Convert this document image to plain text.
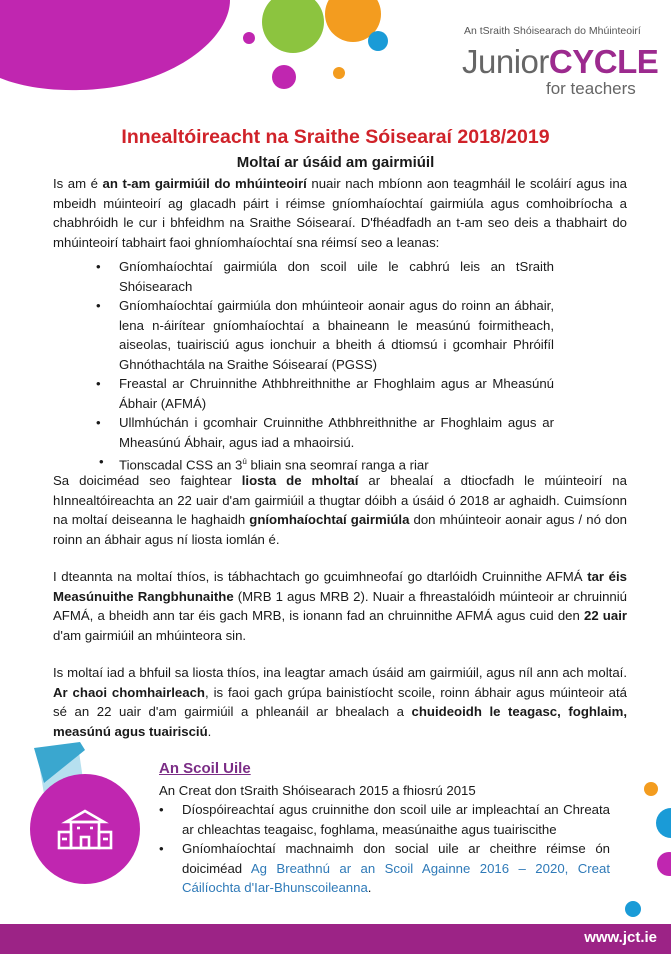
An tSraith Shóisearach do Mhúinteoirí
JuniorCYCLE
for teachers
Innealtóireacht na Sraithe Sóisearaí 2018/2019
Moltaí ar úsáid am gairmiúil

Is am é an t-am gairmiúil do mhúinteoirí nuair nach mbíonn aon teagmháil le scoláirí agus ina mbeidh múinteoirí ag glacadh páirt i réimse gníomhaíochtaí gairmiúla agus comhoibríocha a chabhróidh le cur i bhfeidhm na Sraithe Sóisearaí. D'fhéadfadh an t-am seo deis a thabhairt do mhúinteoirí tabhairt faoi ghníomhaíochtaí sna réimsí seo a leanas:

• Gníomhaíochtaí gairmiúla don scoil uile le cabhrú leis an tSraith Shóisearach
• Gníomhaíochtaí gairmiúla don mhúinteoir aonair agus do roinn an ábhair, lena n-áirítear gníomhaíochtaí a bhaineann le measúnú foirmitheach, aiseolas, tuairisciú agus ionchuir a bheith á dtiomsú i gcomhair Phróifíl Ghnóthachtála na Sraithe Sóisearaí (PGSS)
• Freastal ar Chruinnithe Athbhreithnithe ar Fhoghlaim agus ar Mheasúnú Ábhair (AFMÁ)
• Ullmhúchán i gcomhair Cruinnithe Athbhreithnithe ar Fhoghlaim agus ar Mheasúnú Ábhair, agus iad a mhaoirsiú.
• Tionscadal CSS an $3^ú$ bliain sna seomraí ranga a riar

Sa doiciméad seo faightear liosta de mholtaí ar bhealaí a dtiocfadh le múinteoirí na hInnealtóireachta an 22 uair d'am gairmiúil a thugtar dóibh a úsáid ó 2018 ar aghaidh. Cuimsíonn na moltaí deiseanna le haghaidh gníomhaíochtaí gairmiúla don mhúinteoir aonair agus / nó don roinn an ábhair agus ní liosta iomlán é.

I dteannta na moltaí thíos, is tábhachtach go gcuimhneofaí go dtarlóidh Cruinnithe AFMÁ tar éis Measúnuithe Rangbhunaithe (MRB 1 agus MRB 2). Nuair a fhreastalóidh múinteoir ar chruinniú AFMÁ, a bheidh ann tar éis gach MRB, is ionann fad an chruinnithe AFMÁ agus cuid den 22 uair d'am gairmiúil an mhúinteora sin.

Is moltaí iad a bhfuil sa liosta thíos, ina leagtar amach úsáid am gairmiúil, agus níl ann ach moltaí. Ar chaoi chomhairleach, is faoi gach grúpa bainistíocht scoile, roinn ábhair agus múinteoir atá sé an 22 uair d'am gairmiúil a phleanáil ar bhealach a chuideoidh le teagasc, foghlaim, measúnú agus tuairisciú.

An Scoil Uile
An Creat don tSraith Shóisearach 2015 a fhiosrú 2015
• Díospóireachtaí agus cruinnithe don scoil uile ar impleachtaí an Chreata ar chleachtas teagaisc, foghlama, measúnaithe agus tuairiscithe
• Gníomhaíochtaí machnaimh don social uile ar cheithre réimse ón doiciméad Ag Breathnú ar an Scoil Againne 2016 – 2020, Creat Cáilíochta d'Iar-Bhunscoileanna.
www.jct.ie
